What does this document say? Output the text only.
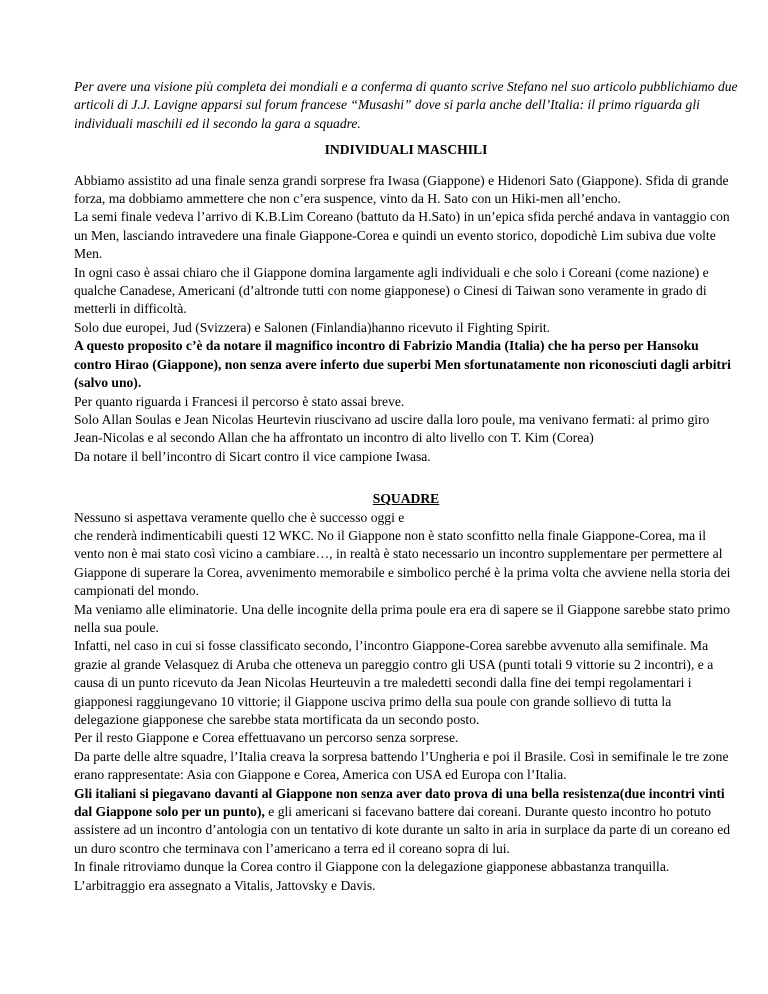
Per avere una visione più completa dei mondiali e a conferma di quanto scrive Stefano nel suo articolo pubblichiamo due articoli di J.J. Lavigne apparsi sul forum francese “Musashi” dove si parla anche dell’Italia: il primo riguarda gli individuali maschili ed il secondo la gara a squadre.

INDIVIDUALI MASCHILI

Abbiamo assistito ad una finale senza grandi sorprese fra Iwasa (Giappone) e Hidenori Sato (Giappone). Sfida di grande forza, ma dobbiamo ammettere che non c’era suspence, vinto da H. Sato con un Hiki-men all’encho.

La semi finale vedeva l’arrivo di K.B.Lim Coreano (battuto da H.Sato) in un’epica sfida perché andava in vantaggio con un Men, lasciando intravedere una finale Giappone-Corea e quindi un evento storico, dopodichè Lim subiva due volte Men.

In ogni caso è assai chiaro che il Giappone domina largamente agli individuali e che solo i Coreani (come nazione) e qualche Canadese, Americani (d’altronde tutti con nome giapponese) o Cinesi di Taiwan sono veramente in grado di metterli in difficoltà.

Solo due europei, Jud (Svizzera) e Salonen (Finlandia)hanno ricevuto il Fighting Spirit.

A questo proposito c’è da notare il magnifico incontro di Fabrizio Mandia (Italia) che ha perso per Hansoku contro Hirao (Giappone), non senza avere inferto due superbi Men sfortunatamente non riconosciuti dagli arbitri (salvo uno).

Per quanto riguarda i Francesi il percorso è stato assai breve.

Solo Allan Soulas e Jean Nicolas Heurtevin riuscivano ad uscire dalla loro poule, ma venivano fermati: al primo giro Jean-Nicolas e al secondo Allan che ha affrontato un incontro di alto livello con T. Kim (Corea)

Da notare il bell’incontro di Sicart contro il vice campione Iwasa.

SQUADRE

Nessuno si aspettava veramente quello che è successo oggi e

che renderà indimenticabili questi 12 WKC. No il Giappone non è stato sconfitto nella finale Giappone-Corea, ma il vento non è mai stato così vicino a cambiare…, in realtà è stato necessario un incontro supplementare per permettere al Giappone di superare la Corea, avvenimento memorabile e simbolico perché è la prima volta che avviene nella storia dei campionati del mondo.

Ma veniamo alle eliminatorie. Una delle incognite della prima poule era era di sapere se il Giappone sarebbe stato primo nella sua poule.

Infatti, nel caso in cui si fosse classificato secondo, l’incontro Giappone-Corea sarebbe avvenuto alla semifinale. Ma grazie al grande Velasquez di Aruba che otteneva un pareggio contro gli USA (punti totali 9 vittorie su 2 incontri), e a causa di un punto ricevuto da Jean Nicolas Heurteuvin a tre maledetti secondi dalla fine dei tempi regolamentari i giapponesi raggiungevano 10 vittorie; il Giappone usciva primo della sua poule con grande sollievo di tutta la delegazione giapponese che sarebbe stata mortificata da un secondo posto.

Per il resto Giappone e Corea effettuavano un percorso senza sorprese.

Da parte delle altre squadre, l’Italia creava la sorpresa battendo l’Ungheria e poi il Brasile. Così in semifinale le tre zone erano rappresentate: Asia con Giappone e Corea, America con USA ed Europa con l’Italia.

Gli italiani si piegavano davanti al Giappone non senza aver dato prova di una bella resistenza(due incontri vinti dal Giappone solo per un punto), e gli americani si facevano battere dai coreani. Durante questo incontro ho potuto assistere ad un incontro d’antologia con un tentativo di kote durante un salto in aria in surplace da parte di un coreano ed un duro scontro che terminava con l’americano a terra ed il coreano sopra di lui.

In finale ritroviamo dunque la Corea contro il Giappone con la delegazione giapponese abbastanza tranquilla. L’arbitraggio era assegnato a Vitalis, Jattovsky e Davis.
